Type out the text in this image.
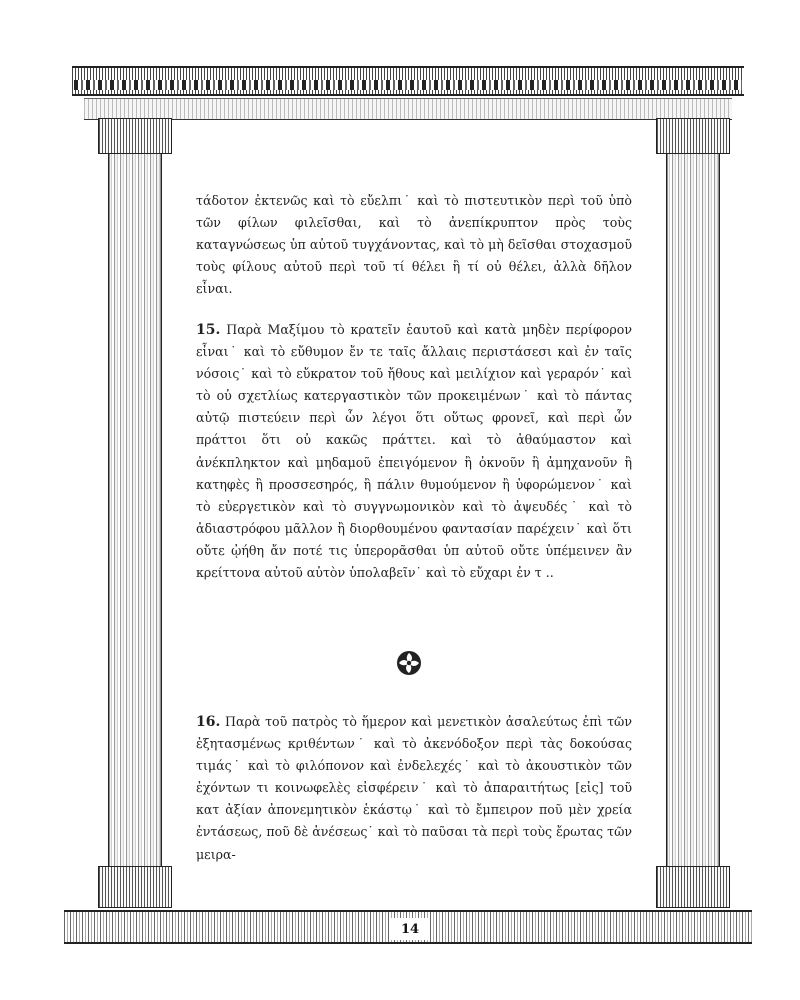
τάδοτον ἐκτενῶς καὶ τὸ εὔελπι˙ καὶ τὸ πιστευτικὸν περὶ τοῦ ὑπὸ τῶν φίλων φιλεῖσθαι, καὶ τὸ ἀνεπίκρυπτον πρὸς τοὺς καταγνώσεως ὑπ αὐτοῦ τυγχάνοντας, καὶ τὸ μὴ δεῖσθαι στοχασμοῦ τοὺς φίλους αὐτοῦ περὶ τοῦ τί θέλει ἢ τί οὐ θέλει, ἀλλὰ δῆλον εἶναι.
15. Παρὰ Μαξίμου τὸ κρατεῖν ἑαυτοῦ καὶ κατὰ μηδὲν περίφορον εἶναι˙ καὶ τὸ εὔθυμον ἔν τε ταῖς ἄλλαις περιστάσεσι καὶ ἐν ταῖς νόσοις˙ καὶ τὸ εὔκρατον τοῦ ἤθους καὶ μειλίχιον καὶ γεραρόν˙ καὶ τὸ οὐ σχετλίως κατεργαστικὸν τῶν προκειμένων˙ καὶ τὸ πάντας αὐτῷ πιστεύειν περὶ ὧν λέγοι ὅτι οὕτως φρονεῖ, καὶ περὶ ὧν πράττοι ὅτι οὐ κακῶς πράττει. καὶ τὸ ἀθαύμαστον καὶ ἀνέκπληκτον καὶ μηδαμοῦ ἐπειγόμενον ἢ ὀκνοῦν ἢ ἀμηχανοῦν ἢ κατηφὲς ἢ προσσεσηρός, ἢ πάλιν θυμούμενον ἢ ὑφορώμενον˙ καὶ τὸ εὐεργετικὸν καὶ τὸ συγγνωμονικὸν καὶ τὸ ἀψευδές˙ καὶ τὸ ἀδιαστρόφου μᾶλλον ἢ διορθουμένου φαντασίαν παρέχειν˙ καὶ ὅτι οὔτε ᾠήθη ἄν ποτέ τις ὑπερορᾶσθαι ὑπ αὐτοῦ οὔτε ὑπέμεινεν ἂν κρείττονα αὐτοῦ αὐτὸν ὑπολαβεῖν˙ καὶ τὸ εὔχαρι ἐν τ ..
16. Παρὰ τοῦ πατρὸς τὸ ἥμερον καὶ μενετικὸν ἀσαλεύτως ἐπὶ τῶν ἐξητασμένως κριθέντων˙ καὶ τὸ ἀκενόδοξον περὶ τὰς δοκούσας τιμάς˙ καὶ τὸ φιλόπονον καὶ ἐνδελεχές˙ καὶ τὸ ἀκουστικὸν τῶν ἐχόντων τι κοινωφελὲς εἰσφέρειν˙ καὶ τὸ ἀπαραιτήτως [εἰς] τοῦ κατ ἀξίαν ἀπονεμητικὸν ἑκάστῳ˙ καὶ τὸ ἔμπειρον ποῦ μὲν χρεία ἐντάσεως, ποῦ δὲ ἀνέσεως˙ καὶ τὸ παῦσαι τὰ περὶ τοὺς ἔρωτας τῶν μειρα-
14
